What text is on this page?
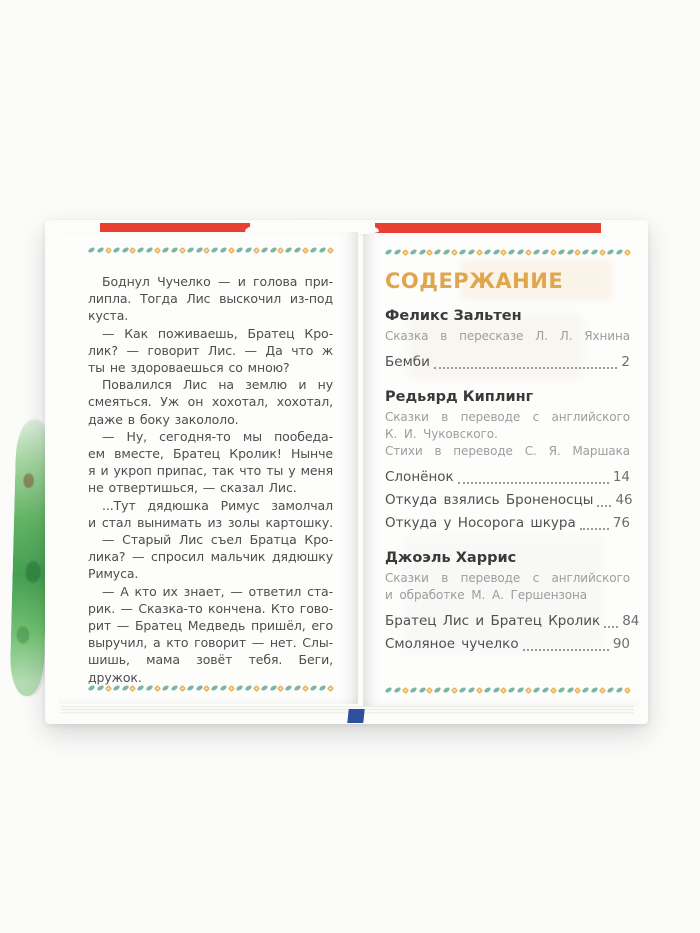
Боднул Чучелко — и голова при-
липла. Тогда Лис выскочил из-под
куста.
— Как поживаешь, Братец Кро-
лик? — говорит Лис. — Да что ж
ты не здороваешься со мною?
Повалился Лис на землю и ну
смеяться. Уж он хохотал, хохотал,
даже в боку закололо.
— Ну, сегодня-то мы пообеда-
ем вместе, Братец Кролик! Нынче
я и укроп припас, так что ты у меня
не отвертишься, — сказал Лис.
...Тут дядюшка Римус замолчал
и стал вынимать из золы картошку.
— Старый Лис съел Братца Кро-
лика? — спросил мальчик дядюшку
Римуса.
— А кто их знает, — ответил ста-
рик. — Сказка-то кончена. Кто гово-
рит — Братец Медведь пришёл, его
выручил, а кто говорит — нет. Слы-
шишь, мама зовёт тебя. Беги, дружок.
СОДЕРЖАНИЕ
Феликс Зальтен
Сказка в пересказе Л. Л. Яхнина
Бемби	2
Редьярд Киплинг
Сказки в переводе с английского
К. И. Чуковского.
Стихи в переводе С. Я. Маршака
Слонёнок	14
Откуда взялись Броненосцы 46
Откуда у Носорога шкура	76
Джоэль Харрис
Сказки в переводе с английского
и обработке М. А. Гершензона
Братец Лис и Братец Кролик 84
Смоляное чучелко	90
